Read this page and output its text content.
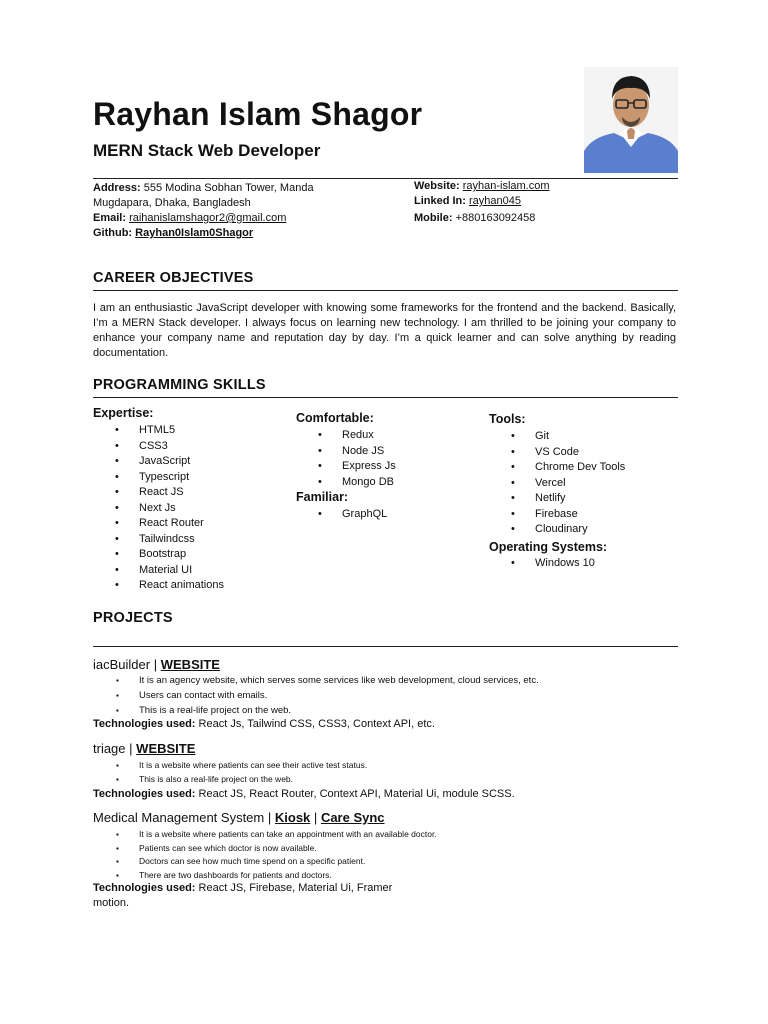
Rayhan Islam Shagor
MERN Stack Web Developer
Address: 555 Modina Sobhan Tower, Manda
Mugdapara, Dhaka, Bangladesh
Email: raihanislamshagor2@gmail.com
Github: Rayhan0Islam0Shagor
Website: rayhan-islam.com
Linked In: rayhan045
Mobile: +880163092458
CAREER OBJECTIVES
I am an enthusiastic JavaScript developer with knowing some frameworks for the frontend and the backend. Basically, I’m a MERN Stack developer. I always focus on learning new technology. I am thrilled to be joining your company to enhance your company name and reputation day by day. I’m a quick learner and can solve anything by reading documentation.
PROGRAMMING SKILLS
Expertise:
• HTML5
• CSS3
• JavaScript
• Typescript
• React JS
• Next Js
• React Router
• Tailwindcss
• Bootstrap
• Material UI
• React animations
Comfortable:
• Redux
• Node JS
• Express Js
• Mongo DB
Familiar:
• GraphQL
Tools:
• Git
• VS Code
• Chrome Dev Tools
• Vercel
• Netlify
• Firebase
• Cloudinary
Operating Systems:
• Windows 10
PROJECTS
iacBuilder | WEBSITE
▪ It is an agency website, which serves some services like web development, cloud services, etc.
▪ Users can contact with emails.
▪ This is a real-life project on the web.
Technologies used: React Js, Tailwind CSS, CSS3, Context API, etc.
triage | WEBSITE
▪ It is a website where patients can see their active test status.
▪ This is also a real-life project on the web.
Technologies used: React JS, React Router, Context API, Material Ui, module SCSS.
Medical Management System | Kiosk | Care Sync
▪ It is a website where patients can take an appointment with an available doctor.
▪ Patients can see which doctor is now available.
▪ Doctors can see how much time spend on a specific patient.
▪ There are two dashboards for patients and doctors.
Technologies used: React JS, Firebase, Material Ui, Framer
motion.
